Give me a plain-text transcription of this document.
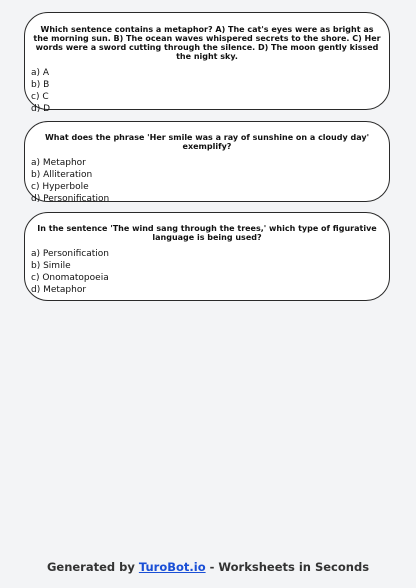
Which sentence contains a metaphor? A) The cat's eyes were as bright as the morning sun. B) The ocean waves whispered secrets to the shore. C) Her words were a sword cutting through the silence. D) The moon gently kissed the night sky.

a) A
b) B
c) C
d) D

What does the phrase 'Her smile was a ray of sunshine on a cloudy day' exemplify?

a) Metaphor
b) Alliteration
c) Hyperbole
d) Personification

In the sentence 'The wind sang through the trees,' which type of figurative language is being used?

a) Personification
b) Simile
c) Onomatopoeia
d) Metaphor
Generated by TuroBot.io - Worksheets in Seconds
